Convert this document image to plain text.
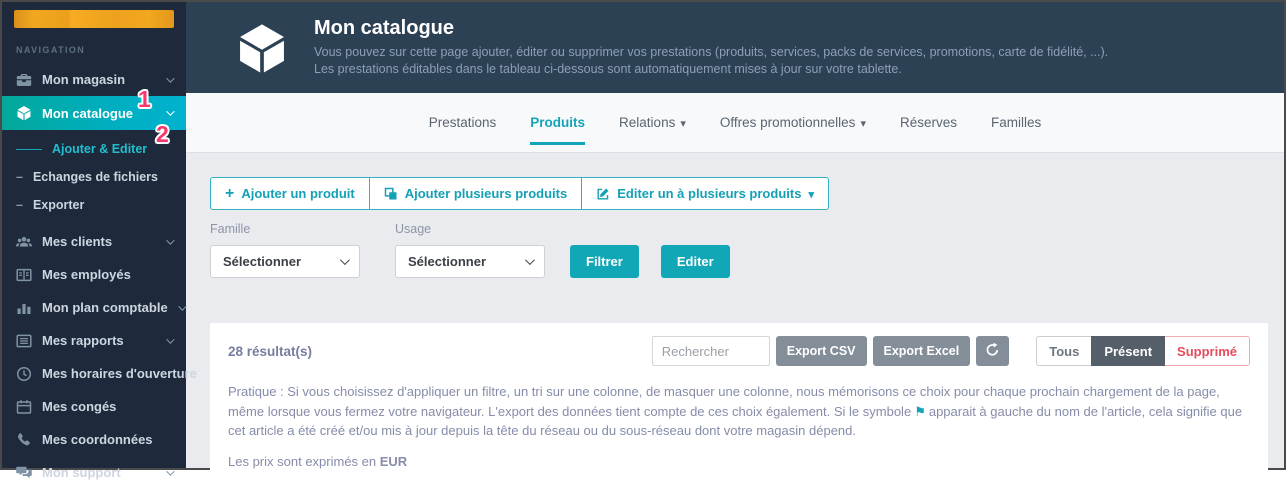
NAVIGATION
Mon magasin
Mon catalogue
——— Ajouter & Editer
– Echanges de fichiers
– Exporter
Mes clients
Mes employés
Mon plan comptable
Mes rapports
Mes horaires d'ouverture
Mes congés
Mes coordonnées
Mon support
1
2
Mon catalogue
Vous pouvez sur cette page ajouter, éditer ou supprimer vos prestations (produits, services, packs de services, promotions, carte de fidélité, ...).
Les prestations éditables dans le tableau ci-dessous sont automatiquement mises à jour sur votre tablette.
Prestations	Produits	Relations ▾	Offres promotionnelles ▾	Réserves	Familles
+
Ajouter un produit	Ajouter plusieurs produits	Editer un à plusieurs produits
▾
Famille
Sélectionner
Usage
Sélectionner	Filtrer	Editer
28 résultat(s)
Rechercher	Export CSV	Export Excel	Tous	Présent	Supprimé

Pratique : Si vous choisissez d'appliquer un filtre, un tri sur une colonne, de masquer une colonne, nous mémorisons ce choix pour chaque prochain chargement de la page, même lorsque vous fermez votre navigateur. L'export des données tient compte de ces choix également. Si le symbole ⚑ apparait à gauche du nom de l'article, cela signifie que cet article a été créé et/ou mis à jour depuis la tête du réseau ou du sous-réseau dont votre magasin dépend.

Les prix sont exprimés en EUR
